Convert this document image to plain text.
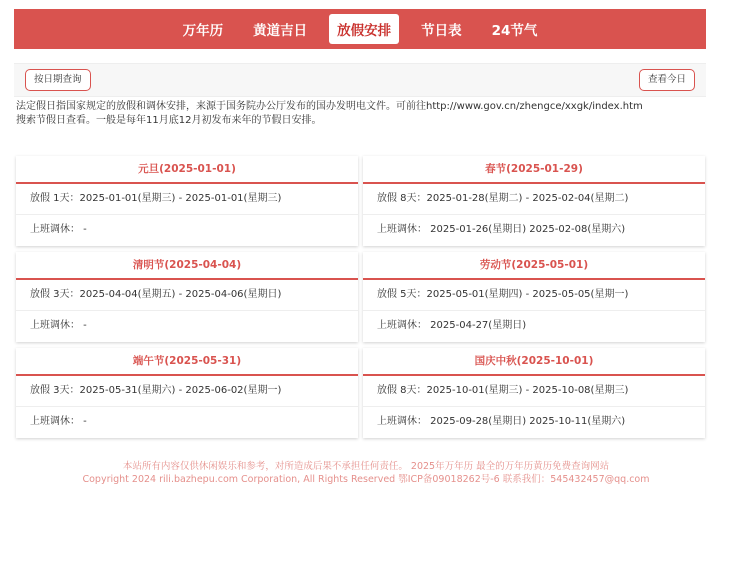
万年历	黄道吉日	放假安排	节日表	24节气
按日期查询	查看今日
法定假日指国家规定的放假和调休安排，来源于国务院办公厅发布的国办发明电文件。可前往http://www.gov.cn/zhengce/xxgk/index.htm
搜索节假日查看。一般是每年11月底12月初发布来年的节假日安排。
元旦(2025-01-01)
放假 1天：2025-01-01(星期三) - 2025-01-01(星期三)
上班调休： -
春节(2025-01-29)
放假 8天：2025-01-28(星期二) - 2025-02-04(星期二)
上班调休： 2025-01-26(星期日) 2025-02-08(星期六)
清明节(2025-04-04)
放假 3天：2025-04-04(星期五) - 2025-04-06(星期日)
上班调休： -
劳动节(2025-05-01)
放假 5天：2025-05-01(星期四) - 2025-05-05(星期一)
上班调休： 2025-04-27(星期日)
端午节(2025-05-31)
放假 3天：2025-05-31(星期六) - 2025-06-02(星期一)
上班调休： -
国庆中秋(2025-10-01)
放假 8天：2025-10-01(星期三) - 2025-10-08(星期三)
上班调休： 2025-09-28(星期日) 2025-10-11(星期六)
本站所有内容仅供休闲娱乐和参考，对所造成后果不承担任何责任。 2025年万年历 最全的万年历黄历免费查询网站
Copyright 2024 rili.bazhepu.com Corporation, All Rights Reserved 鄂ICP备09018262号-6 联系我们：545432457@qq.com
